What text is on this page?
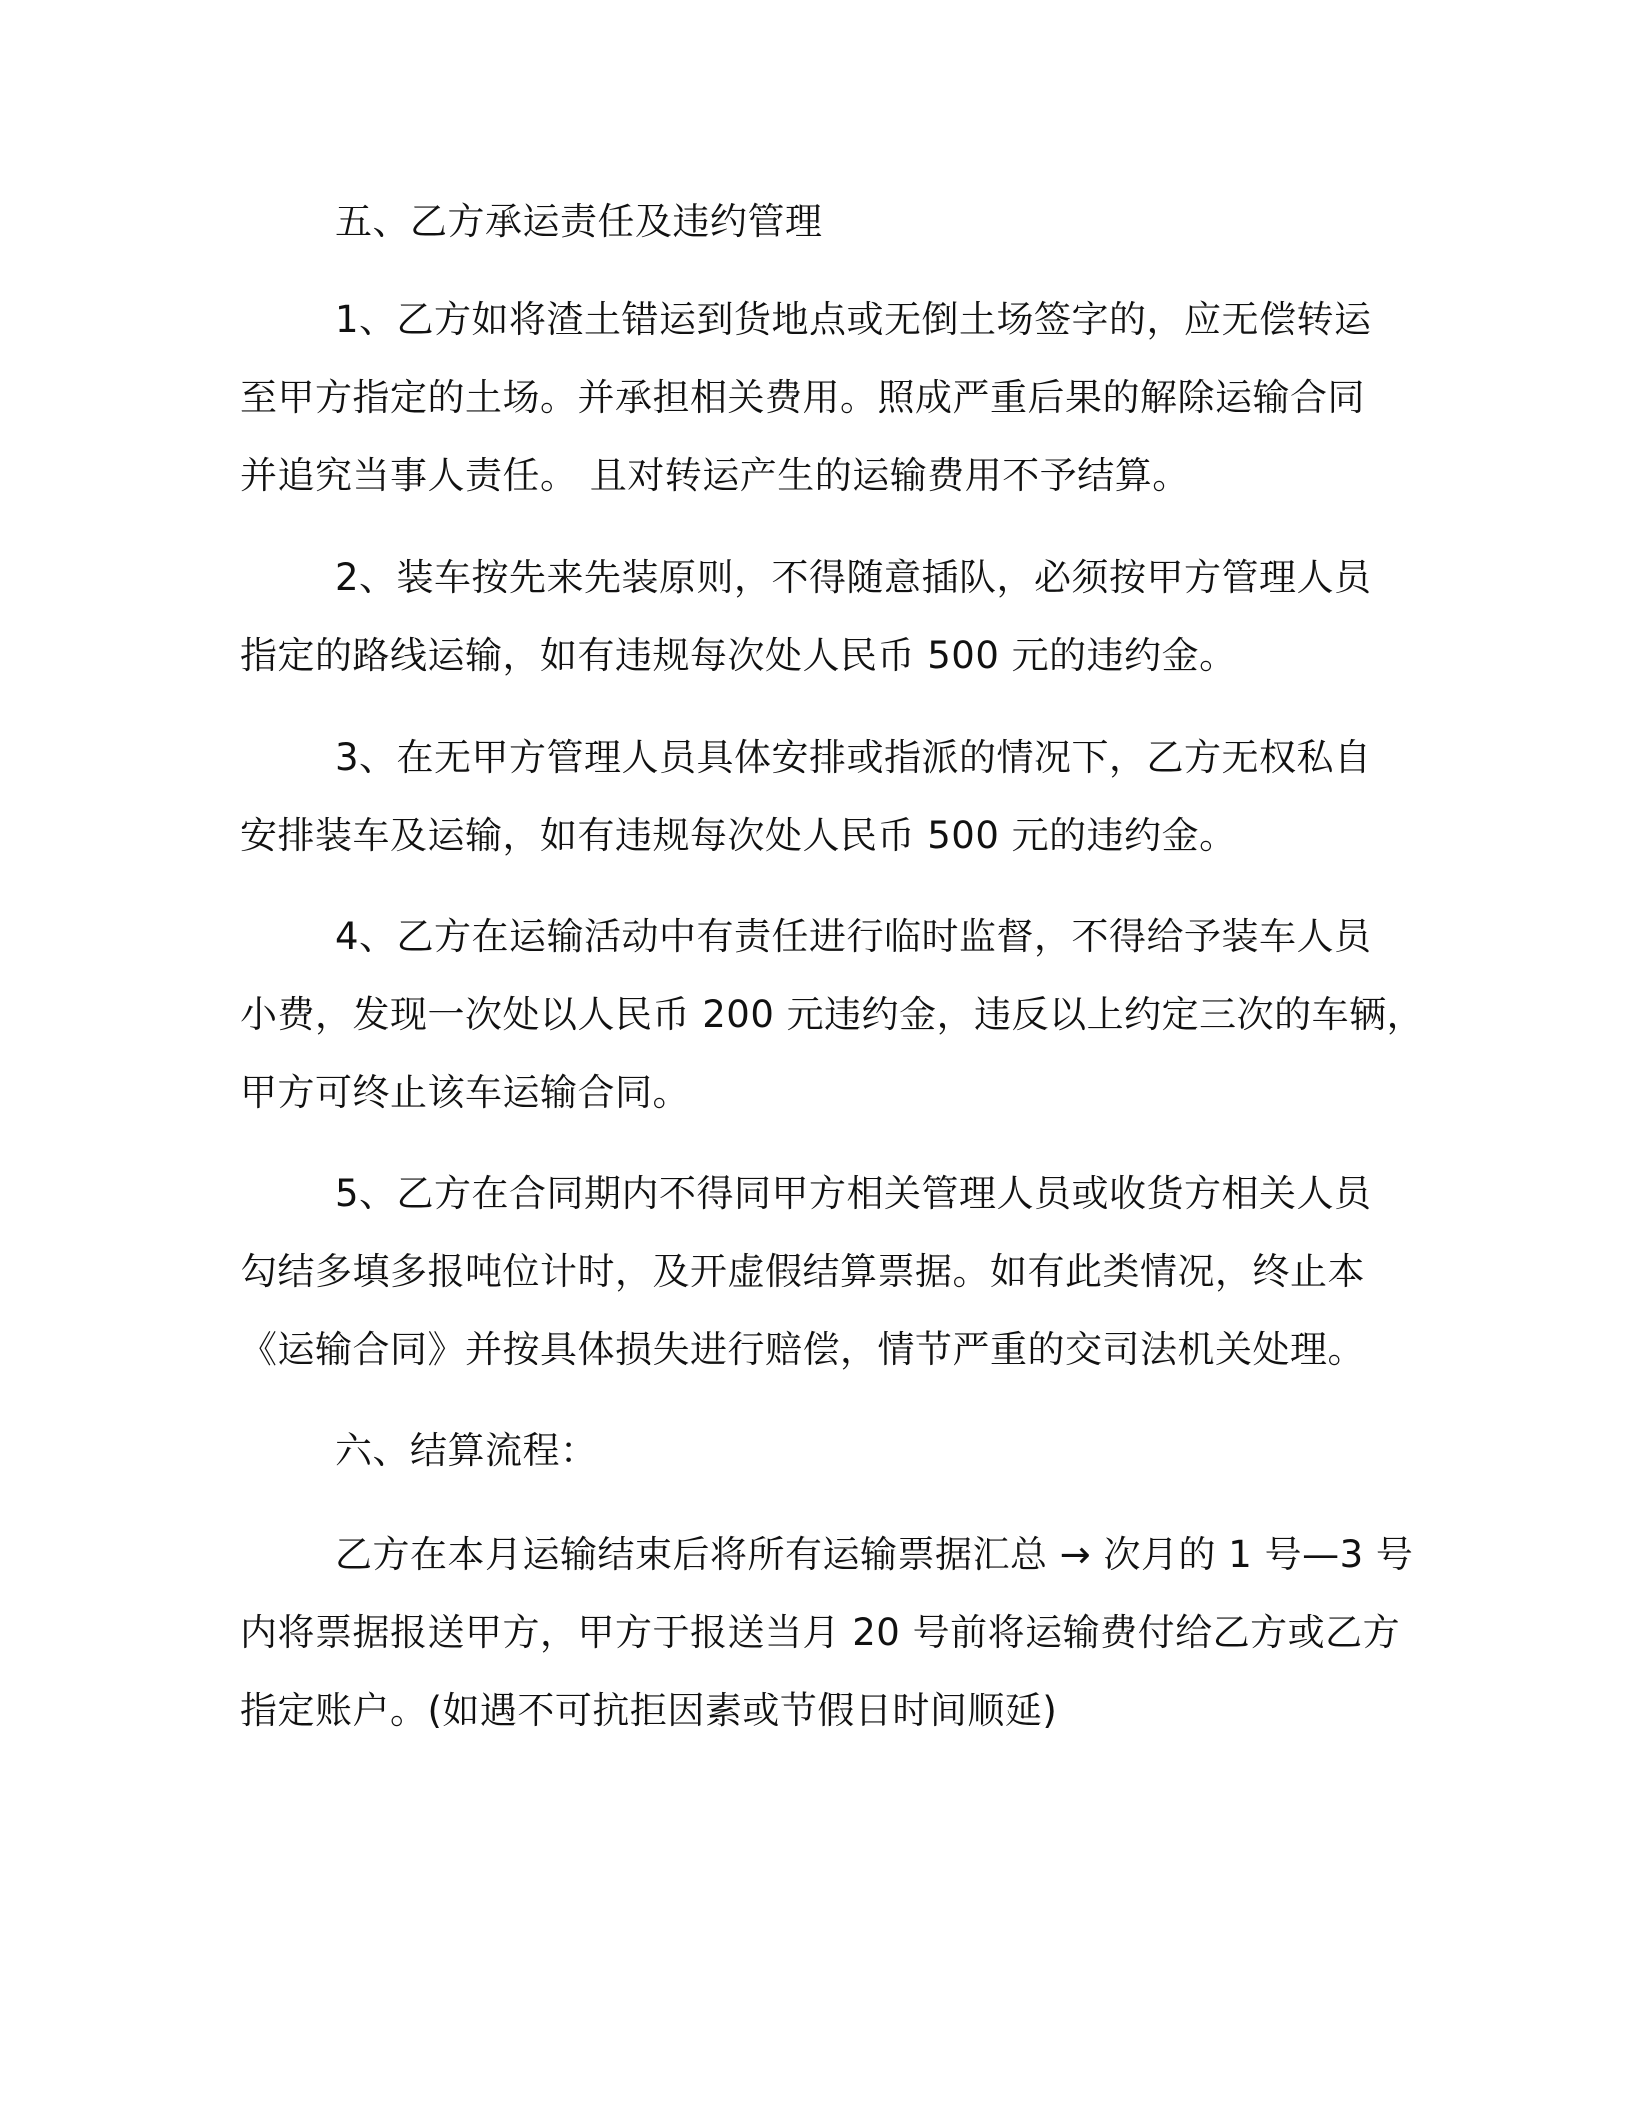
五、乙方承运责任及违约管理
1、乙方如将渣土错运到货地点或无倒土场签字的，应无偿转运
至甲方指定的土场。并承担相关费用。照成严重后果的解除运输合同
并追究当事人责任。 且对转运产生的运输费用不予结算。
2、装车按先来先装原则，不得随意插队，必须按甲方管理人员
指定的路线运输，如有违规每次处人民币 500 元的违约金。
3、在无甲方管理人员具体安排或指派的情况下，乙方无权私自
安排装车及运输，如有违规每次处人民币 500 元的违约金。
4、乙方在运输活动中有责任进行临时监督，不得给予装车人员
小费，发现一次处以人民币 200 元违约金，违反以上约定三次的车辆，
甲方可终止该车运输合同。
5、乙方在合同期内不得同甲方相关管理人员或收货方相关人员
勾结多填多报吨位计时，及开虚假结算票据。如有此类情况，终止本
《运输合同》并按具体损失进行赔偿，情节严重的交司法机关处理。
六、结算流程：
乙方在本月运输结束后将所有运输票据汇总 → 次月的 1 号—3 号
内将票据报送甲方，甲方于报送当月 20 号前将运输费付给乙方或乙方
指定账户。(如遇不可抗拒因素或节假日时间顺延)
